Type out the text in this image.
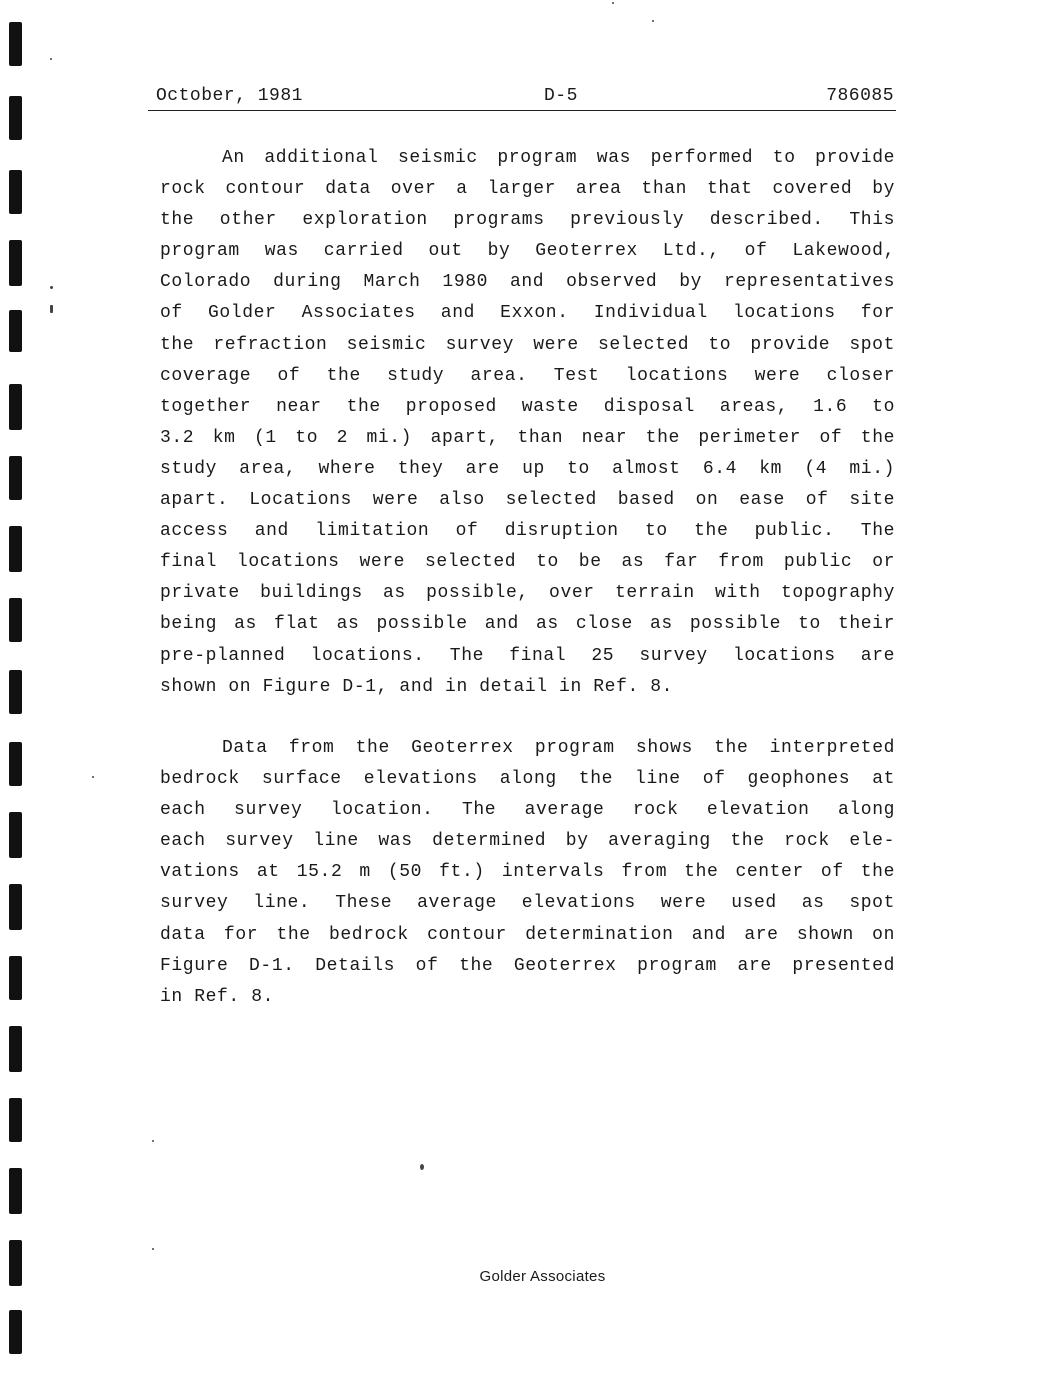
October, 1981	D-5	786085
An additional seismic program was performed to provide
rock contour data over a larger area than that covered by
the other exploration programs previously described. This
program was carried out by Geoterrex Ltd., of Lakewood,
Colorado during March 1980 and observed by representatives
of Golder Associates and Exxon. Individual locations for
the refraction seismic survey were selected to provide spot
coverage of the study area. Test locations were closer
together near the proposed waste disposal areas, 1.6 to
3.2 km (1 to 2 mi.) apart, than near the perimeter of the
study area, where they are up to almost 6.4 km (4 mi.)
apart. Locations were also selected based on ease of site
access and limitation of disruption to the public. The
final locations were selected to be as far from public or
private buildings as possible, over terrain with topography
being as flat as possible and as close as possible to their
pre-planned locations. The final 25 survey locations are
shown on Figure D-1, and in detail in Ref. 8.
Data from the Geoterrex program shows the interpreted
bedrock surface elevations along the line of geophones at
each survey location. The average rock elevation along
each survey line was determined by averaging the rock ele-
vations at 15.2 m (50 ft.) intervals from the center of the
survey line. These average elevations were used as spot
data for the bedrock contour determination and are shown on
Figure D-1. Details of the Geoterrex program are presented
in Ref. 8.
Golder Associates
